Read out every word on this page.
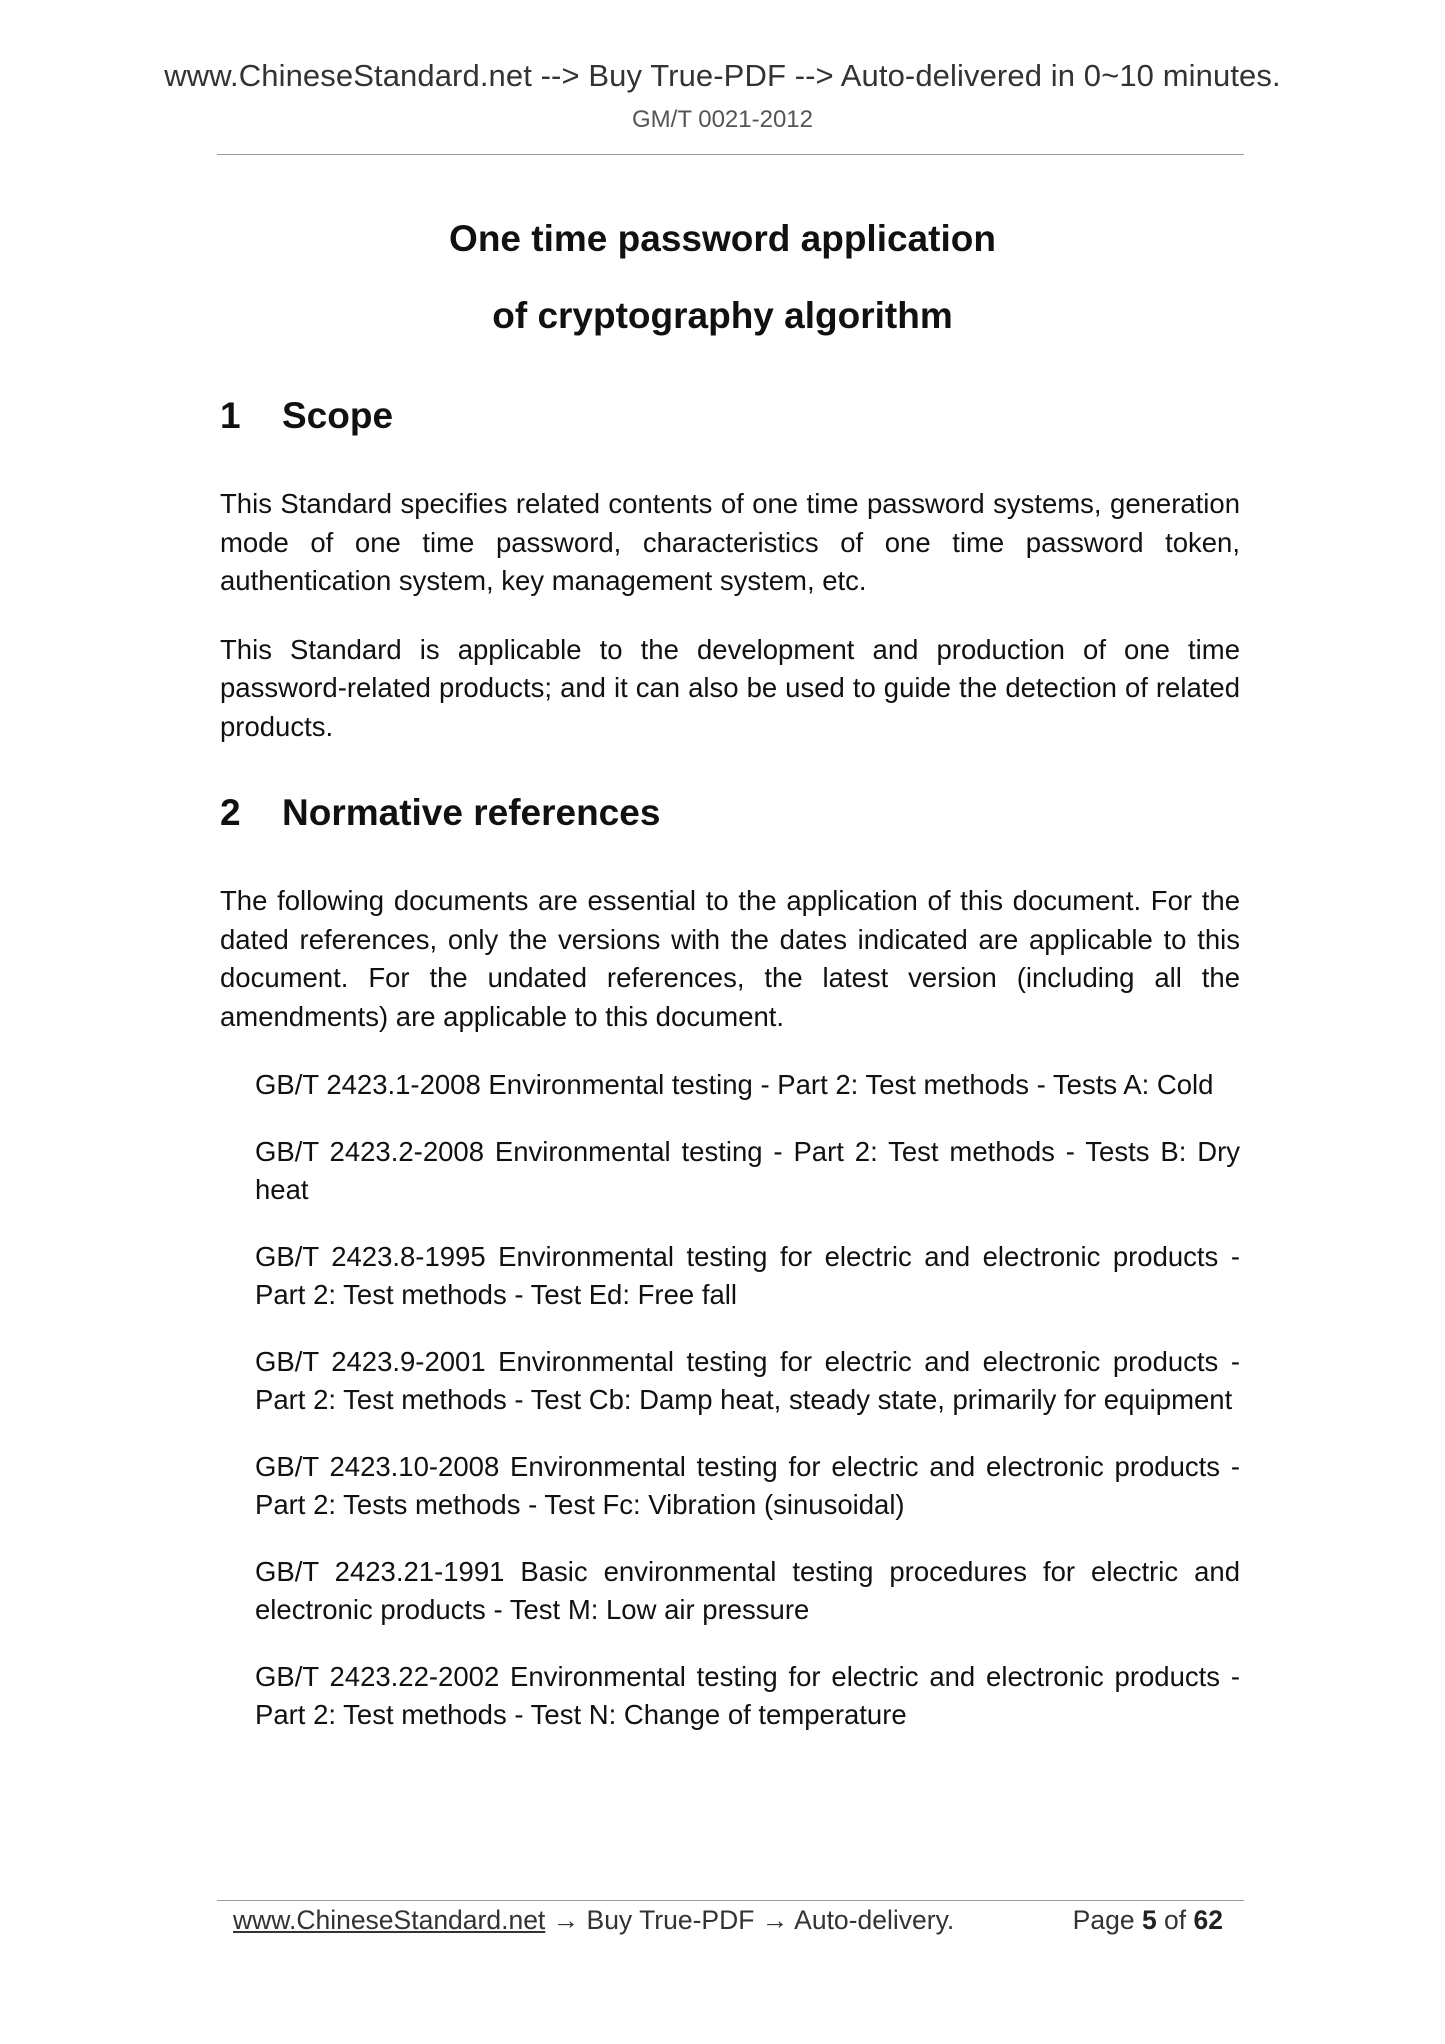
www.ChineseStandard.net --> Buy True-PDF --> Auto-delivered in 0~10 minutes.
GM/T 0021-2012
One time password application
of cryptography algorithm
1	Scope

This Standard specifies related contents of one time password systems, generation mode of one time password, characteristics of one time password token, authentication system, key management system, etc.

This Standard is applicable to the development and production of one time password-related products; and it can also be used to guide the detection of related products.

2	Normative references

The following documents are essential to the application of this document. For the dated references, only the versions with the dates indicated are applicable to this document. For the undated references, the latest version (including all the amendments) are applicable to this document.

GB/T 2423.1-2008 Environmental testing - Part 2: Test methods - Tests A: Cold

GB/T 2423.2-2008 Environmental testing - Part 2: Test methods - Tests B: Dry heat

GB/T 2423.8-1995 Environmental testing for electric and electronic products - Part 2: Test methods - Test Ed: Free fall

GB/T 2423.9-2001 Environmental testing for electric and electronic products - Part 2: Test methods - Test Cb: Damp heat, steady state, primarily for equipment

GB/T 2423.10-2008 Environmental testing for electric and electronic products - Part 2: Tests methods - Test Fc: Vibration (sinusoidal)

GB/T 2423.21-1991 Basic environmental testing procedures for electric and electronic products - Test M: Low air pressure

GB/T 2423.22-2002 Environmental testing for electric and electronic products - Part 2: Test methods - Test N: Change of temperature

www.ChineseStandard.net → Buy True-PDF → Auto-delivery.	Page 5 of 62
